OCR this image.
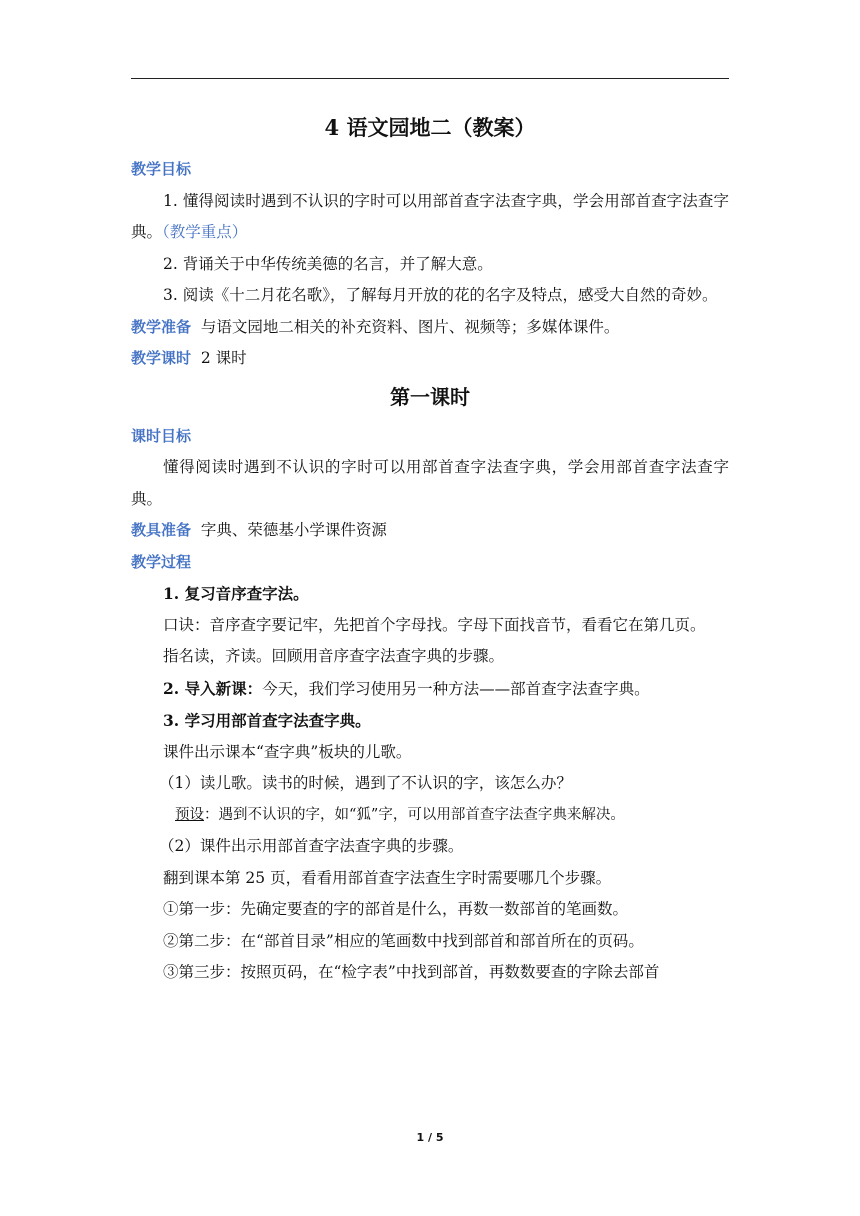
4 语文园地二（教案）

教学目标

1. 懂得阅读时遇到不认识的字时可以用部首查字法查字典，学会用部首查字法查字典。（教学重点）

2. 背诵关于中华传统美德的名言，并了解大意。

3. 阅读《十二月花名歌》，了解每月开放的花的名字及特点，感受大自然的奇妙。

教学准备 与语文园地二相关的补充资料、图片、视频等；多媒体课件。

教学课时 2 课时

第一课时

课时目标

懂得阅读时遇到不认识的字时可以用部首查字法查字典，学会用部首查字法查字典。

教具准备 字典、荣德基小学课件资源

教学过程

1. 复习音序查字法。

口诀：音序查字要记牢，先把首个字母找。字母下面找音节，看看它在第几页。

指名读，齐读。回顾用音序查字法查字典的步骤。

2. 导入新课：今天，我们学习使用另一种方法——部首查字法查字典。

3. 学习用部首查字法查字典。

课件出示课本“查字典”板块的儿歌。

（1）读儿歌。读书的时候，遇到了不认识的字，该怎么办？

预设：遇到不认识的字，如“狐”字，可以用部首查字法查字典来解决。

（2）课件出示用部首查字法查字典的步骤。

翻到课本第 25 页，看看用部首查字法查生字时需要哪几个步骤。

①第一步：先确定要查的字的部首是什么，再数一数部首的笔画数。

②第二步：在“部首目录”相应的笔画数中找到部首和部首所在的页码。

③第三步：按照页码，在“检字表”中找到部首，再数数要查的字除去部首

1 / 5
